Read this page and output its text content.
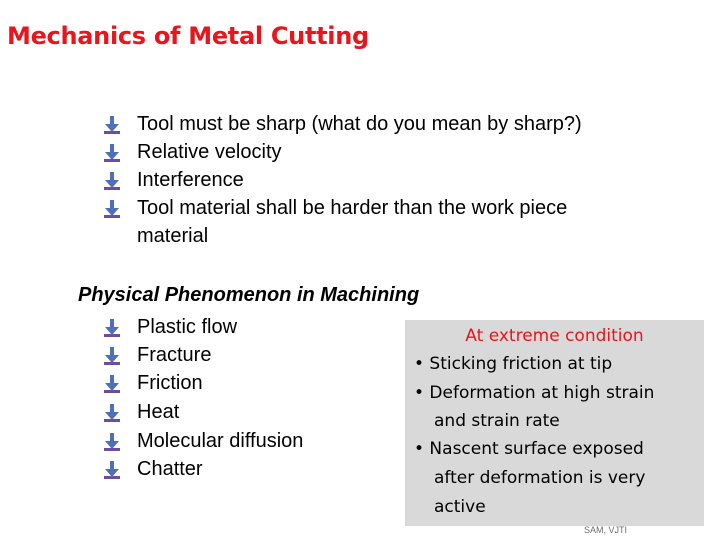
Mechanics of Metal Cutting
Tool must be sharp (what do you mean by sharp?)
Relative velocity
Interference
Tool material shall be harder than the work piece
material
Physical Phenomenon in Machining
Plastic flow
Fracture
Friction
Heat
Molecular diffusion
Chatter
At extreme condition
• Sticking friction at tip
• Deformation at high strain
and strain rate
• Nascent surface exposed
after deformation is very
active
SAM, VJTI
